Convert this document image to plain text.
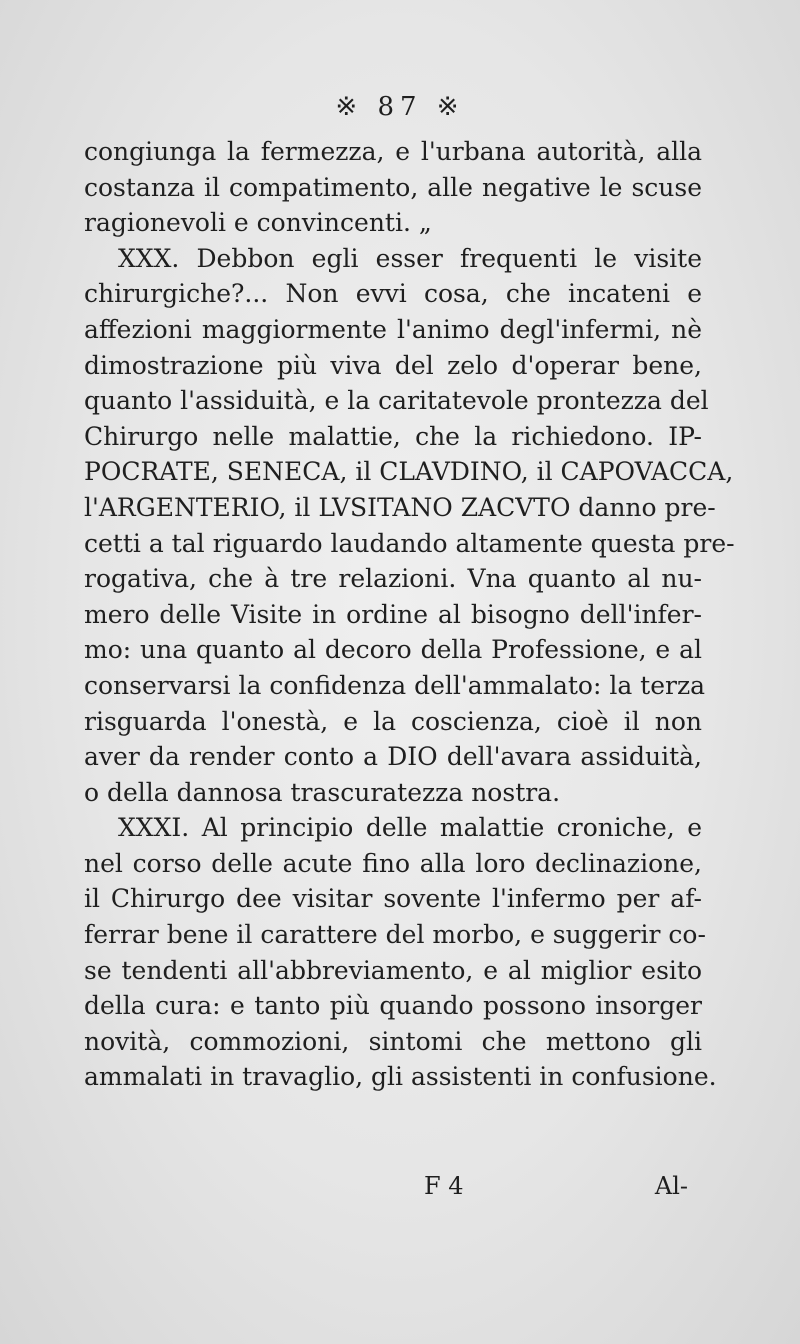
※ 87 ※
congiunga la fermezza, e l'urbana autorità, alla
costanza il compatimento, alle negative le scuse
ragionevoli e convincenti. „
XXX. Debbon egli esser frequenti le visite
chirurgiche?... Non evvi cosa, che incateni e
affezioni maggiormente l'animo degl'infermi, nè
dimostrazione più viva del zelo d'operar bene,
quanto l'assiduità, e la caritatevole prontezza del
Chirurgo nelle malattie, che la richiedono. IP-
POCRATE, SENECA, il CLAVDINO, il CAPOVACCA,
l'ARGENTERIO, il LVSITANO ZACVTO danno pre-
cetti a tal riguardo laudando altamente questa pre-
rogativa, che à tre relazioni. Vna quanto al nu-
mero delle Visite in ordine al bisogno dell'infer-
mo: una quanto al decoro della Professione, e al
conservarsi la confidenza dell'ammalato: la terza
risguarda l'onestà, e la coscienza, cioè il non
aver da render conto a DIO dell'avara assiduità,
o della dannosa trascuratezza nostra.
XXXI. Al principio delle malattie croniche, e
nel corso delle acute fino alla loro declinazione,
il Chirurgo dee visitar sovente l'infermo per af-
ferrar bene il carattere del morbo, e suggerir co-
se tendenti all'abbreviamento, e al miglior esito
della cura: e tanto più quando possono insorger
novità, commozioni, sintomi che mettono gli
ammalati in travaglio, gli assistenti in confusione.
F 4	Al-
